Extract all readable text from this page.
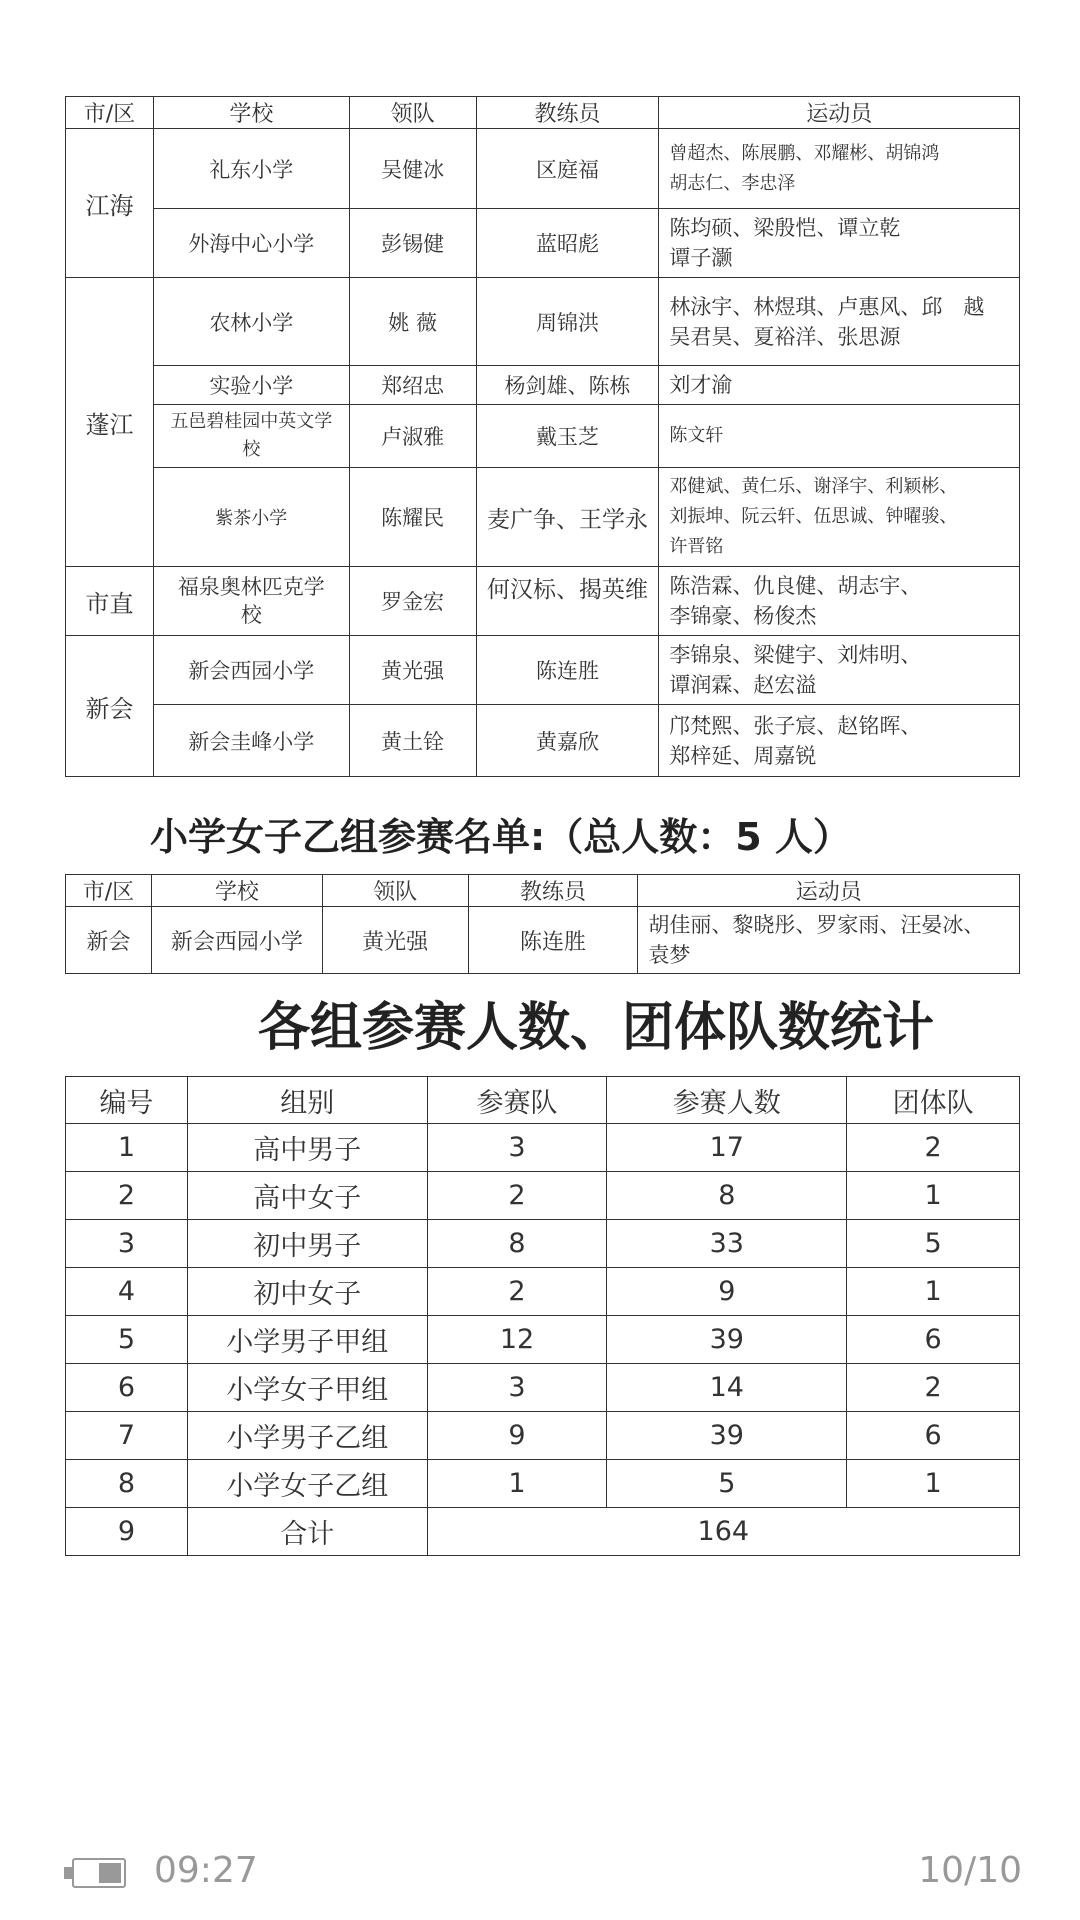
市/区	学校	领队	教练员	运动员
江海	礼东小学	吴健冰	区庭福	曾超杰、陈展鹏、邓耀彬、胡锦鸿
胡志仁、李忠泽

	外海中心小学	彭锡健	蓝昭彪	陈均硕、梁殷恺、谭立乾
谭子灏

蓬江	农林小学	姚 薇	周锦洪	林泳宇、林煜琪、卢惠风、邱　越
吴君昊、夏裕洋、张思源

	实验小学	郑绍忠	杨剑雄、陈栋	刘才渝

	五邑碧桂园中英文学校	卢淑雅	戴玉芝	陈文轩

	紫茶小学	陈耀民	麦广争、王学永	邓健斌、黄仁乐、谢泽宇、利颖彬、
刘振坤、阮云轩、伍思诚、钟曜骏、
许晋铭

市直	福泉奥林匹克学校	罗金宏	何汉标、揭英维	陈浩霖、仇良健、胡志宇、
李锦豪、杨俊杰

新会	新会西园小学	黄光强	陈连胜	李锦泉、梁健宇、刘炜明、
谭润霖、赵宏溢

	新会圭峰小学	黄土铨	黄嘉欣	邝梵熙、张子宸、赵铭晖、
郑梓延、周嘉锐
小学女子乙组参赛名单:（总人数：5 人）
市/区	学校	领队	教练员	运动员
新会	新会西园小学	黄光强	陈连胜	胡佳丽、黎晓彤、罗家雨、汪晏冰、
袁梦
各组参赛人数、团体队数统计
编号	组别	参赛队	参赛人数	团体队
1	高中男子	3	17	2
2	高中女子	2	8	1
3	初中男子	8	33	5
4	初中女子	2	9	1
5	小学男子甲组	12	39	6
6	小学女子甲组	3	14	2
7	小学男子乙组	9	39	6
8	小学女子乙组	1	5	1
9	合计	164		
09:27	10/10
